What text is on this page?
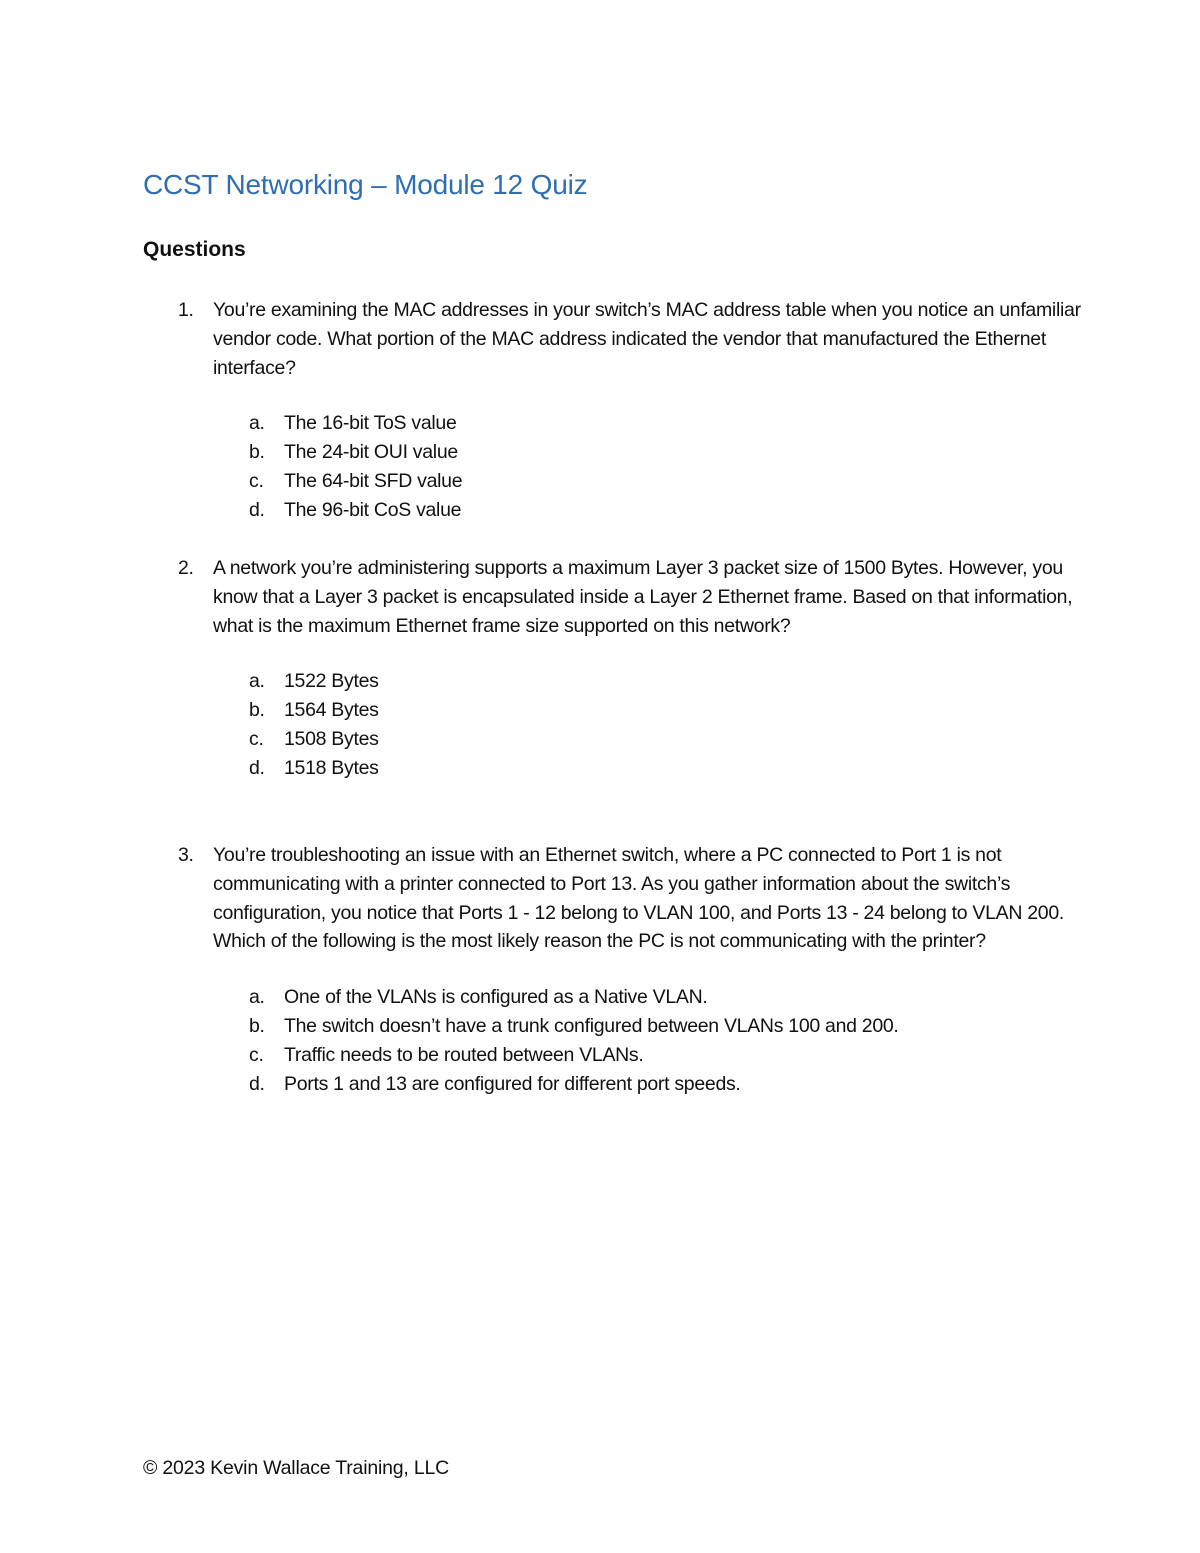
CCST Networking – Module 12 Quiz
Questions
1. You’re examining the MAC addresses in your switch’s MAC address table when you notice an unfamiliar vendor code. What portion of the MAC address indicated the vendor that manufactured the Ethernet interface?
a. The 16-bit ToS value
b. The 24-bit OUI value
c. The 64-bit SFD value
d. The 96-bit CoS value
2. A network you’re administering supports a maximum Layer 3 packet size of 1500 Bytes. However, you know that a Layer 3 packet is encapsulated inside a Layer 2 Ethernet frame. Based on that information, what is the maximum Ethernet frame size supported on this network?
a. 1522 Bytes
b. 1564 Bytes
c. 1508 Bytes
d. 1518 Bytes
3. You’re troubleshooting an issue with an Ethernet switch, where a PC connected to Port 1 is not communicating with a printer connected to Port 13. As you gather information about the switch’s configuration, you notice that Ports 1 - 12 belong to VLAN 100, and Ports 13 - 24 belong to VLAN 200. Which of the following is the most likely reason the PC is not communicating with the printer?
a. One of the VLANs is configured as a Native VLAN.
b. The switch doesn’t have a trunk configured between VLANs 100 and 200.
c. Traffic needs to be routed between VLANs.
d. Ports 1 and 13 are configured for different port speeds.
© 2023 Kevin Wallace Training, LLC
